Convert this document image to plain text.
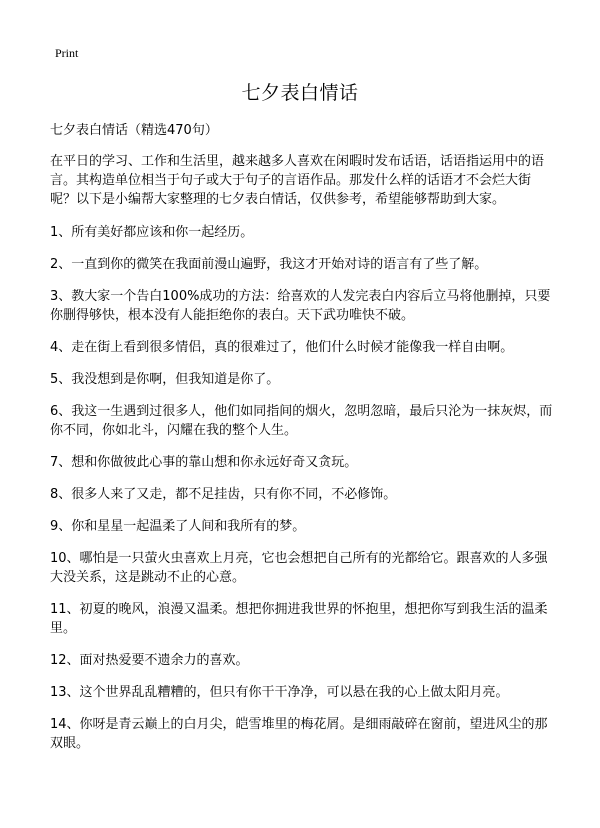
Print
七夕表白情话

七夕表白情话（精选470句）

在平日的学习、工作和生活里，越来越多人喜欢在闲暇时发布话语，话语指运用中的语言。其构造单位相当于句子或大于句子的言语作品。那发什么样的话语才不会烂大街呢？以下是小编帮大家整理的七夕表白情话，仅供参考，希望能够帮助到大家。

1、所有美好都应该和你一起经历。

2、一直到你的微笑在我面前漫山遍野，我这才开始对诗的语言有了些了解。

3、教大家一个告白100%成功的方法：给喜欢的人发完表白内容后立马将他删掉，只要你删得够快，根本没有人能拒绝你的表白。天下武功唯快不破。

4、走在街上看到很多情侣，真的很难过了，他们什么时候才能像我一样自由啊。

5、我没想到是你啊，但我知道是你了。

6、我这一生遇到过很多人，他们如同指间的烟火，忽明忽暗，最后只沦为一抹灰烬，而你不同，你如北斗，闪耀在我的整个人生。

7、想和你做彼此心事的靠山想和你永远好奇又贪玩。

8、很多人来了又走，都不足挂齿，只有你不同，不必修饰。

9、你和星星一起温柔了人间和我所有的梦。

10、哪怕是一只萤火虫喜欢上月亮，它也会想把自己所有的光都给它。跟喜欢的人多强大没关系，这是跳动不止的心意。

11、初夏的晚风，浪漫又温柔。想把你拥进我世界的怀抱里，想把你写到我生活的温柔里。

12、面对热爱要不遗余力的喜欢。

13、这个世界乱乱糟糟的，但只有你干干净净，可以悬在我的心上做太阳月亮。

14、你呀是青云巅上的白月尖，皑雪堆里的梅花屑。是细雨敲碎在窗前，望进风尘的那双眼。
